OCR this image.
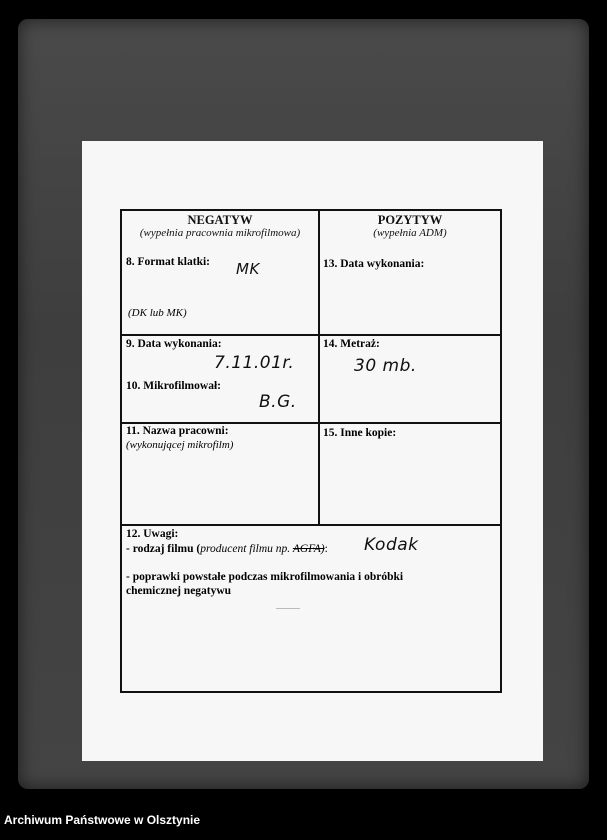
NEGATYW
(wypełnia pracownia mikrofilmowa)
POZYTYW
(wypełnia ADM)
8. Format klatki: MK
(DK lub MK)
13. Data wykonania:
9. Data wykonania:
7.11.01r.
10. Mikrofilmował:
B.G.
14. Metraż:
30 mb.
11. Nazwa pracowni:
(wykonującej mikrofilm)
15. Inne kopie:
12. Uwagi:
- rodzaj filmu (producent filmu np. AGFA): Kodak
- poprawki powstałe podczas mikrofilmowania i obróbki
chemicznej negatywu
Archiwum Państwowe w Olsztynie
